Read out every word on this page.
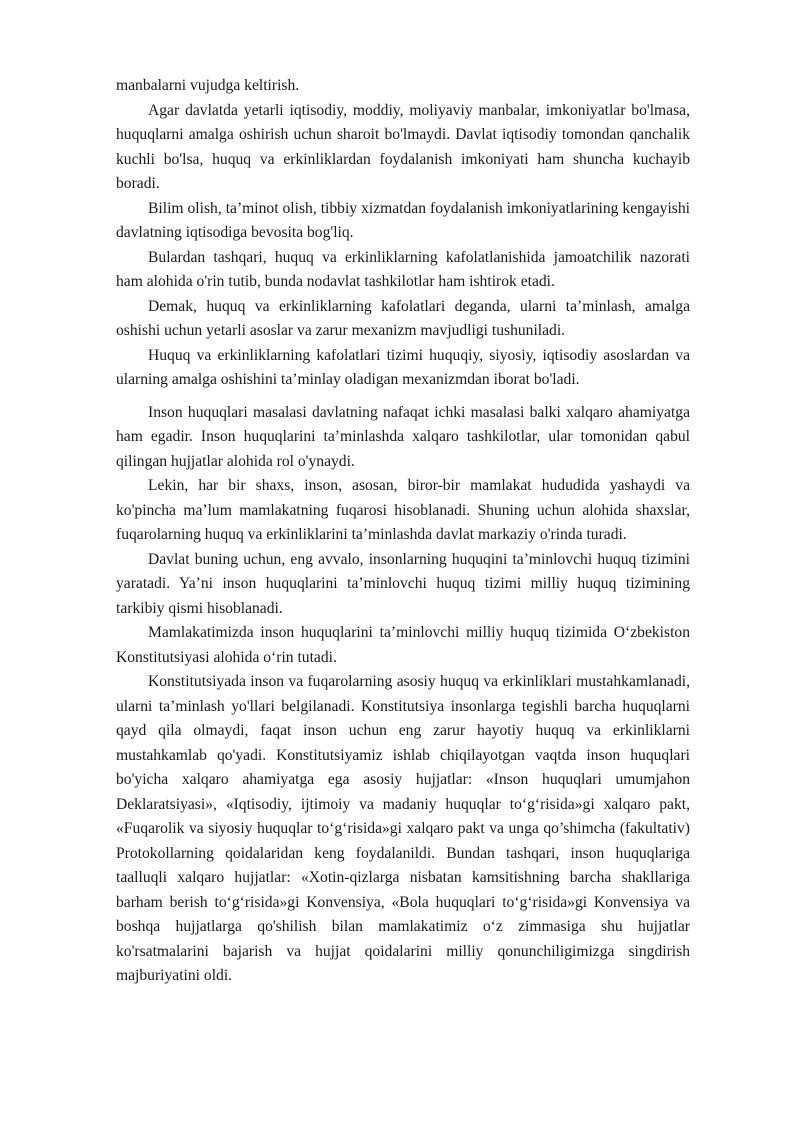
manbalarni vujudga keltirish.

Agar davlatda yetarli iqtisodiy, moddiy, moliyaviy manbalar, imkoniyatlar bo'lmasa, huquqlarni amalga oshirish uchun sharoit bo'lmaydi. Davlat iqtisodiy tomondan qanchalik kuchli bo'lsa, huquq va erkinliklardan foydalanish imkoniyati ham shuncha kuchayib boradi.

Bilim olish, ta’minot olish, tibbiy xizmatdan foydalanish imkoniyatlarining kengayishi davlatning iqtisodiga bevosita bog'liq.

Bulardan tashqari, huquq va erkinliklarning kafolatlanishida jamoatchilik nazorati ham alohida o'rin tutib, bunda nodavlat tashkilotlar ham ishtirok etadi.

Demak, huquq va erkinliklarning kafolatlari deganda, ularni ta’minlash, amalga oshishi uchun yetarli asoslar va zarur mexanizm mavjudligi tushuniladi.

Huquq va erkinliklarning kafolatlari tizimi huquqiy, siyosiy, iqtisodiy asoslardan va ularning amalga oshishini ta’minlay oladigan mexanizmdan iborat bo'ladi.

Inson huquqlari masalasi davlatning nafaqat ichki masalasi balki xalqaro ahamiyatga ham egadir. Inson huquqlarini ta’minlashda xalqaro tashkilotlar, ular tomonidan qabul qilingan hujjatlar alohida rol o'ynaydi.

Lekin, har bir shaxs, inson, asosan, biror-bir mamlakat hududida yashaydi va ko'pincha ma’lum mamlakatning fuqarosi hisoblanadi. Shuning uchun alohida shaxslar, fuqarolarning huquq va erkinliklarini ta’minlashda davlat markaziy o'rinda turadi.

Davlat buning uchun, eng avvalo, insonlarning huquqini ta’minlovchi huquq tizimini yaratadi. Ya’ni inson huquqlarini ta’minlovchi huquq tizimi milliy huquq tizimining tarkibiy qismi hisoblanadi.

Mamlakatimizda inson huquqlarini ta’minlovchi milliy huquq tizimida O‘zbekiston Konstitutsiyasi alohida o‘rin tutadi.

Konstitutsiyada inson va fuqarolarning asosiy huquq va erkinliklari mustahkamlanadi, ularni ta’minlash yo'llari belgilanadi. Konstitutsiya insonlarga tegishli barcha huquqlarni qayd qila olmaydi, faqat inson uchun eng zarur hayotiy huquq va erkinliklarni mustahkamlab qo'yadi. Konstitutsiyamiz ishlab chiqilayotgan vaqtda inson huquqlari bo'yicha xalqaro ahamiyatga ega asosiy hujjatlar: «Inson huquqlari umumjahon Deklaratsiyasi», «Iqtisodiy, ijtimoiy va madaniy huquqlar to‘g‘risida»gi xalqaro pakt, «Fuqarolik va siyosiy huquqlar to‘g‘risida»gi xalqaro pakt va unga qo’shimcha (fakultativ) Protokollarning qoidalaridan keng foydalanildi. Bundan tashqari, inson huquqlariga taalluqli xalqaro hujjatlar: «Xotin-qizlarga nisbatan kamsitishning barcha shakllariga barham berish to‘g‘risida»gi Konvensiya, «Bola huquqlari to‘g‘risida»gi Konvensiya va boshqa hujjatlarga qo'shilish bilan mamlakatimiz o‘z zimmasiga shu hujjatlar ko'rsatmalarini bajarish va hujjat qoidalarini milliy qonunchiligimizga singdirish majburiyatini oldi.
